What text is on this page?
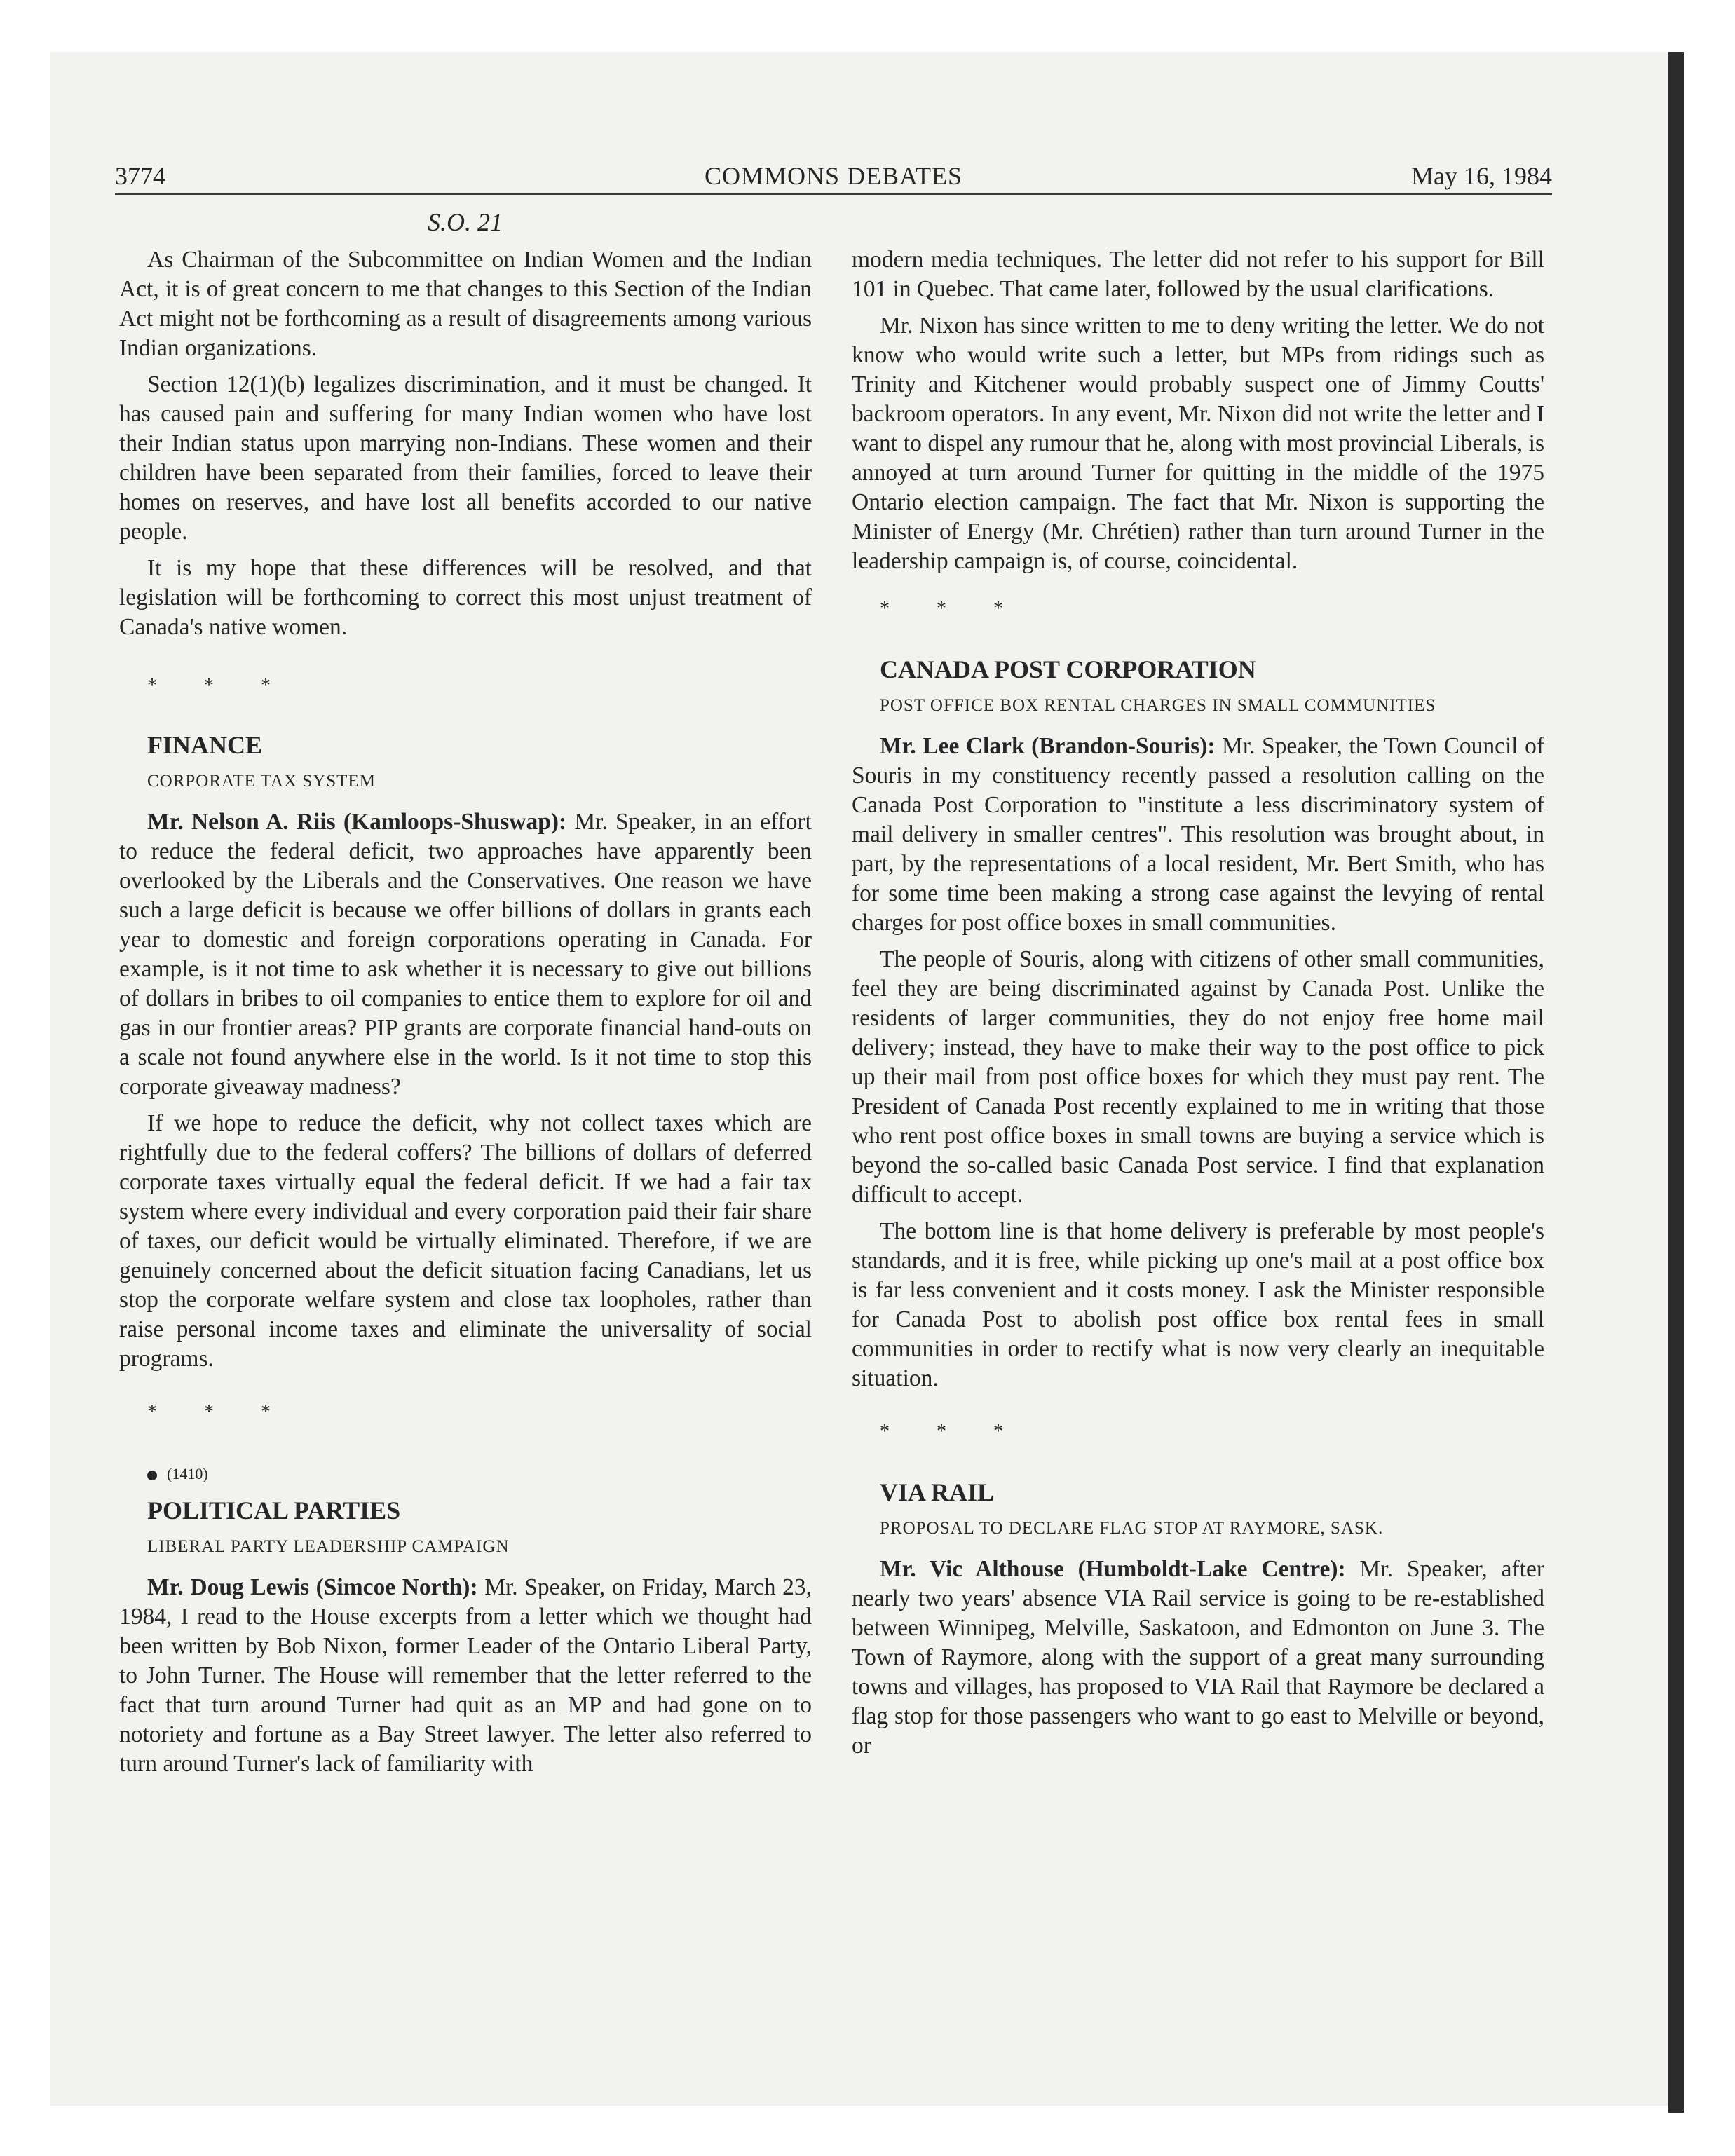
3774	COMMONS DEBATES	May 16, 1984
S.O. 21

As Chairman of the Subcommittee on Indian Women and the Indian Act, it is of great concern to me that changes to this Section of the Indian Act might not be forthcoming as a result of disagreements among various Indian organizations.

Section 12(1)(b) legalizes discrimination, and it must be changed. It has caused pain and suffering for many Indian women who have lost their Indian status upon marrying non-Indians. These women and their children have been separated from their families, forced to leave their homes on reserves, and have lost all benefits accorded to our native people.

It is my hope that these differences will be resolved, and that legislation will be forthcoming to correct this most unjust treatment of Canada's native women.

* * *

FINANCE

CORPORATE TAX SYSTEM

Mr. Nelson A. Riis (Kamloops-Shuswap): Mr. Speaker, in an effort to reduce the federal deficit, two approaches have apparently been overlooked by the Liberals and the Conservatives. One reason we have such a large deficit is because we offer billions of dollars in grants each year to domestic and foreign corporations operating in Canada. For example, is it not time to ask whether it is necessary to give out billions of dollars in bribes to oil companies to entice them to explore for oil and gas in our frontier areas? PIP grants are corporate financial hand-outs on a scale not found anywhere else in the world. Is it not time to stop this corporate giveaway madness?

If we hope to reduce the deficit, why not collect taxes which are rightfully due to the federal coffers? The billions of dollars of deferred corporate taxes virtually equal the federal deficit. If we had a fair tax system where every individual and every corporation paid their fair share of taxes, our deficit would be virtually eliminated. Therefore, if we are genuinely concerned about the deficit situation facing Canadians, let us stop the corporate welfare system and close tax loopholes, rather than raise personal income taxes and eliminate the universality of social programs.

* * *

(1410)

POLITICAL PARTIES

LIBERAL PARTY LEADERSHIP CAMPAIGN

Mr. Doug Lewis (Simcoe North): Mr. Speaker, on Friday, March 23, 1984, I read to the House excerpts from a letter which we thought had been written by Bob Nixon, former Leader of the Ontario Liberal Party, to John Turner. The House will remember that the letter referred to the fact that turn around Turner had quit as an MP and had gone on to notoriety and fortune as a Bay Street lawyer. The letter also referred to turn around Turner's lack of familiarity with

modern media techniques. The letter did not refer to his support for Bill 101 in Quebec. That came later, followed by the usual clarifications.

Mr. Nixon has since written to me to deny writing the letter. We do not know who would write such a letter, but MPs from ridings such as Trinity and Kitchener would probably suspect one of Jimmy Coutts' backroom operators. In any event, Mr. Nixon did not write the letter and I want to dispel any rumour that he, along with most provincial Liberals, is annoyed at turn around Turner for quitting in the middle of the 1975 Ontario election campaign. The fact that Mr. Nixon is supporting the Minister of Energy (Mr. Chrétien) rather than turn around Turner in the leadership campaign is, of course, coincidental.

* * *

CANADA POST CORPORATION

POST OFFICE BOX RENTAL CHARGES IN SMALL COMMUNITIES

Mr. Lee Clark (Brandon-Souris): Mr. Speaker, the Town Council of Souris in my constituency recently passed a resolution calling on the Canada Post Corporation to "institute a less discriminatory system of mail delivery in smaller centres". This resolution was brought about, in part, by the representations of a local resident, Mr. Bert Smith, who has for some time been making a strong case against the levying of rental charges for post office boxes in small communities.

The people of Souris, along with citizens of other small communities, feel they are being discriminated against by Canada Post. Unlike the residents of larger communities, they do not enjoy free home mail delivery; instead, they have to make their way to the post office to pick up their mail from post office boxes for which they must pay rent. The President of Canada Post recently explained to me in writing that those who rent post office boxes in small towns are buying a service which is beyond the so-called basic Canada Post service. I find that explanation difficult to accept.

The bottom line is that home delivery is preferable by most people's standards, and it is free, while picking up one's mail at a post office box is far less convenient and it costs money. I ask the Minister responsible for Canada Post to abolish post office box rental fees in small communities in order to rectify what is now very clearly an inequitable situation.

* * *

VIA RAIL

PROPOSAL TO DECLARE FLAG STOP AT RAYMORE, SASK.

Mr. Vic Althouse (Humboldt-Lake Centre): Mr. Speaker, after nearly two years' absence VIA Rail service is going to be re-established between Winnipeg, Melville, Saskatoon, and Edmonton on June 3. The Town of Raymore, along with the support of a great many surrounding towns and villages, has proposed to VIA Rail that Raymore be declared a flag stop for those passengers who want to go east to Melville or beyond, or
